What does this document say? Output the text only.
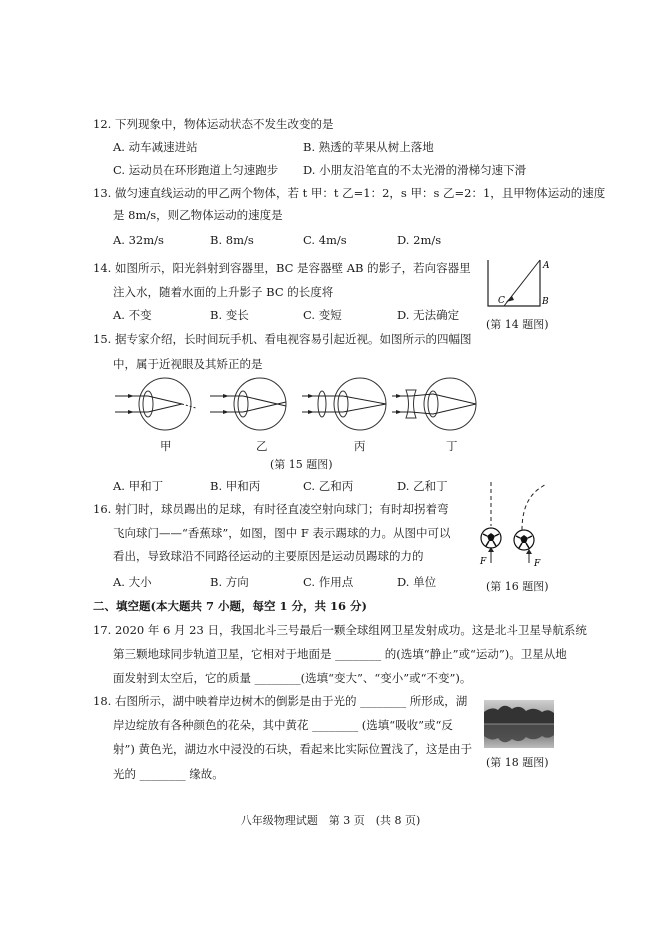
12. 下列现象中，物体运动状态不发生改变的是
A. 动车减速进站	B. 熟透的苹果从树上落地
C. 运动员在环形跑道上匀速跑步 D. 小朋友沿笔直的不太光滑的滑梯匀速下滑
13. 做匀速直线运动的甲乙两个物体，若 t 甲：t 乙=1：2，s 甲：s 乙=2：1，且甲物体运动的速度
是 8m/s，则乙物体运动的速度是
A. 32m/s	B. 8m/s	C. 4m/s	D. 2m/s
14. 如图所示，阳光斜射到容器里，BC 是容器壁 AB 的影子，若向容器里
注入水，随着水面的上升影子 BC 的长度将
A. 不变	B. 变长	C. 变短	D. 无法确定
A
B
C
(第 14 题图)
15. 据专家介绍，长时间玩手机、看电视容易引起近视。如图所示的四幅图
中，属于近视眼及其矫正的是
甲	乙	丙	丁
(第 15 题图)
A. 甲和丁	B. 甲和丙	C. 乙和丙	D. 乙和丁
16. 射门时，球员踢出的足球，有时径直凌空射向球门；有时却拐着弯
飞向球门——“香蕉球”，如图，图中 F 表示踢球的力。从图中可以
看出，导致球沿不同路径运动的主要原因是运动员踢球的力的
A. 大小	B. 方向	C. 作用点	D. 单位
F	F
(第 16 题图)
二、填空题(本大题共 7 小题，每空 1 分，共 16 分)
17. 2020 年 6 月 23 日，我国北斗三号最后一颗全球组网卫星发射成功。这是北斗卫星导航系统
第三颗地球同步轨道卫星，它相对于地面是 ________ 的(选填“静止”或“运动”)。卫星从地
面发射到太空后，它的质量 ________(选填“变大”、“变小”或“不变”)。
18. 右图所示，湖中映着岸边树木的倒影是由于光的 ________ 所形成，湖
岸边绽放有各种颜色的花朵，其中黄花 ________ (选填“吸收”或“反
射”) 黄色光，湖边水中浸没的石块，看起来比实际位置浅了，这是由于
光的 ________ 缘故。
(第 18 题图)
八年级物理试题　第 3 页　(共 8 页)
